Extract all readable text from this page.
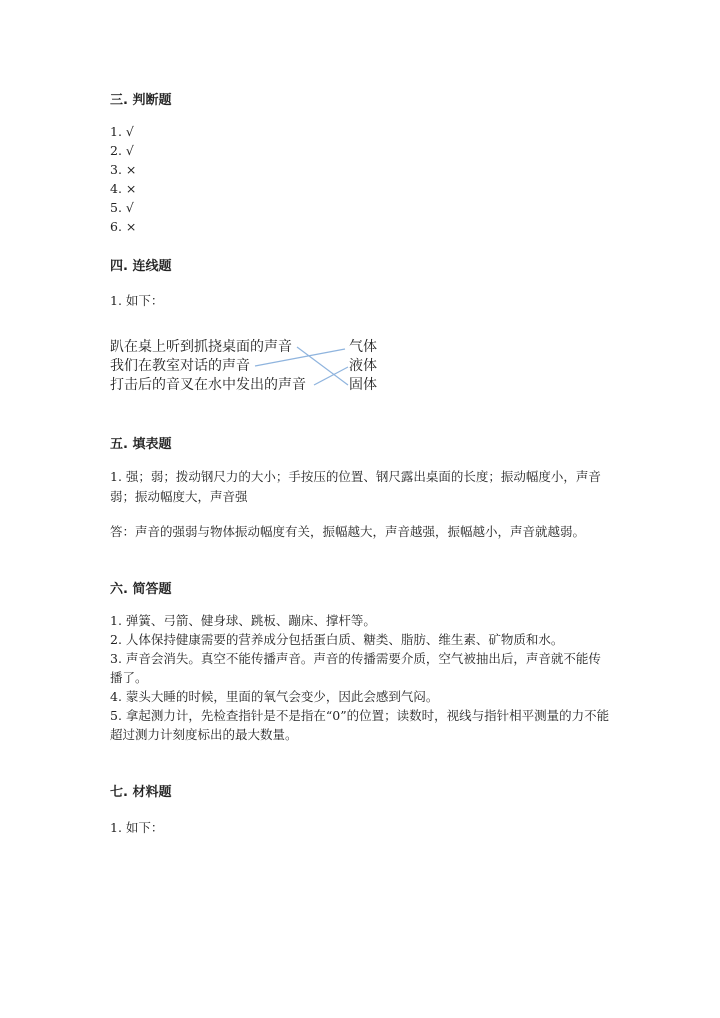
三. 判断题
1. √
2. √
3. ×
4. ×
5. √
6. ×
四. 连线题
1. 如下：
趴在桌上听到抓挠桌面的声音
我们在教室对话的声音
打击后的音叉在水中发出的声音
气体
液体
固体
五. 填表题
1. 强；弱；拨动钢尺力的大小；手按压的位置、钢尺露出桌面的长度；振动幅度小，声音弱；振动幅度大，声音强
答：声音的强弱与物体振动幅度有关，振幅越大，声音越强，振幅越小，声音就越弱。
六. 简答题
1. 弹簧、弓箭、健身球、跳板、蹦床、撑杆等。
2. 人体保持健康需要的营养成分包括蛋白质、糖类、脂肪、维生素、矿物质和水。
3. 声音会消失。真空不能传播声音。声音的传播需要介质，空气被抽出后，声音就不能传播了。
4. 蒙头大睡的时候，里面的氧气会变少，因此会感到气闷。
5. 拿起测力计，先检查指针是不是指在“0”的位置；读数时，视线与指针相平测量的力不能超过测力计刻度标出的最大数量。
七. 材料题
1. 如下：
